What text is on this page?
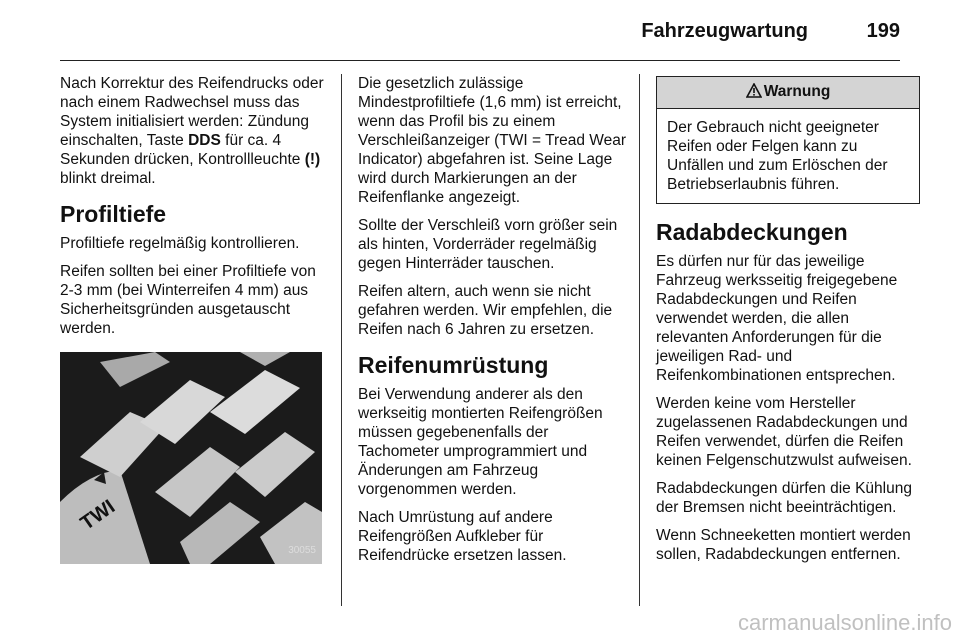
Fahrzeugwartung	199

Nach Korrektur des Reifendrucks oder nach einem Radwechsel muss das System initialisiert werden: Zündung einschalten, Taste DDS für ca. 4 Sekunden drücken, Kontrollleuchte (!) blinkt dreimal.

Profiltiefe

Profiltiefe regelmäßig kontrollieren.

Reifen sollten bei einer Profiltiefe von 2-3 mm (bei Winterreifen 4 mm) aus Sicherheitsgründen ausgetauscht werden.

TWI
30055

Die gesetzlich zulässige Mindestprofiltiefe (1,6 mm) ist erreicht, wenn das Profil bis zu einem Verschleißanzeiger (TWI = Tread Wear Indicator) abgefahren ist. Seine Lage wird durch Markierungen an der Reifenflanke angezeigt.

Sollte der Verschleiß vorn größer sein als hinten, Vorderräder regelmäßig gegen Hinterräder tauschen.

Reifen altern, auch wenn sie nicht gefahren werden. Wir empfehlen, die Reifen nach 6 Jahren zu ersetzen.

Reifenumrüstung

Bei Verwendung anderer als den werkseitig montierten Reifengrößen müssen gegebenenfalls der Tachometer umprogrammiert und Änderungen am Fahrzeug vorgenommen werden.

Nach Umrüstung auf andere Reifengrößen Aufkleber für Reifendrücke ersetzen lassen.

Warnung
Der Gebrauch nicht geeigneter Reifen oder Felgen kann zu Unfällen und zum Erlöschen der Betriebserlaubnis führen.
Radabdeckungen

Es dürfen nur für das jeweilige Fahrzeug werksseitig freigegebene Radabdeckungen und Reifen verwendet werden, die allen relevanten Anforderungen für die jeweiligen Rad- und Reifenkombinationen entsprechen.

Werden keine vom Hersteller zugelassenen Radabdeckungen und Reifen verwendet, dürfen die Reifen keinen Felgenschutzwulst aufweisen.

Radabdeckungen dürfen die Kühlung der Bremsen nicht beeinträchtigen.

Wenn Schneeketten montiert werden sollen, Radabdeckungen entfernen.

carmanualsonline.info
